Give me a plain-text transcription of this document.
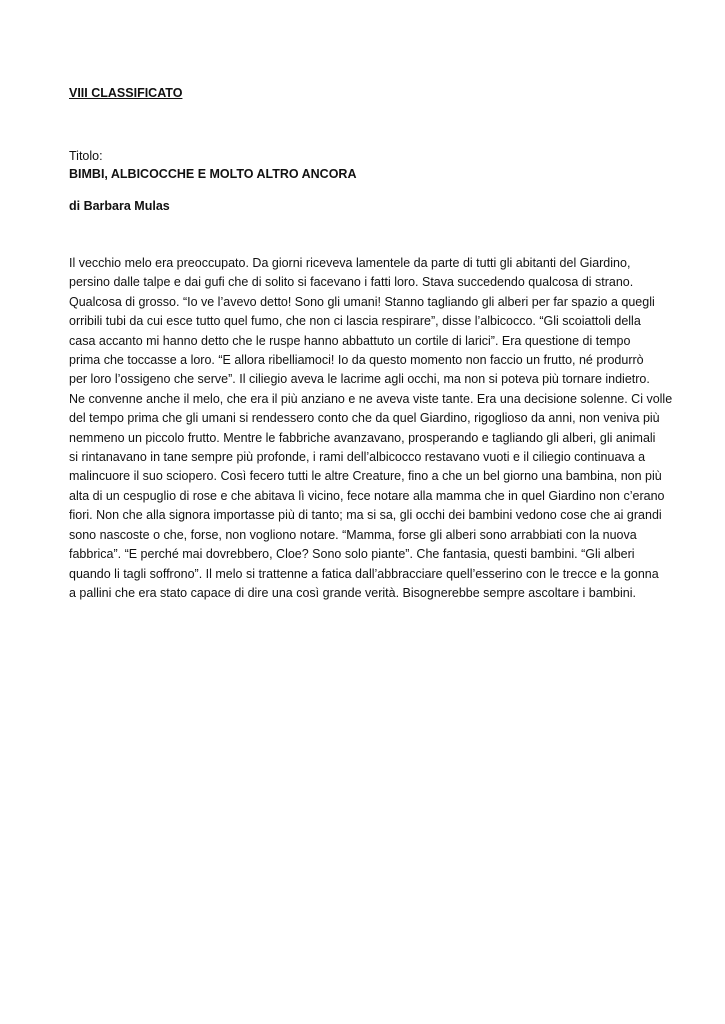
VIII CLASSIFICATO
Titolo:
BIMBI, ALBICOCCHE E MOLTO ALTRO ANCORA
di Barbara Mulas
Il vecchio melo era preoccupato. Da giorni riceveva lamentele da parte di tutti gli abitanti del Giardino,
persino dalle talpe e dai gufi che di solito si facevano i fatti loro. Stava succedendo qualcosa di strano.
Qualcosa di grosso. “Io ve l’avevo detto! Sono gli umani! Stanno tagliando gli alberi per far spazio a quegli
orribili tubi da cui esce tutto quel fumo, che non ci lascia respirare”, disse l’albicocco. “Gli scoiattoli della
casa accanto mi hanno detto che le ruspe hanno abbattuto un cortile di larici”. Era questione di tempo
prima che toccasse a loro. “E allora ribelliamoci! Io da questo momento non faccio un frutto, né produrrò
per loro l’ossigeno che serve”. Il ciliegio aveva le lacrime agli occhi, ma non si poteva più tornare indietro.
Ne convenne anche il melo, che era il più anziano e ne aveva viste tante. Era una decisione solenne. Ci volle
del tempo prima che gli umani si rendessero conto che da quel Giardino, rigoglioso da anni, non veniva più
nemmeno un piccolo frutto. Mentre le fabbriche avanzavano, prosperando e tagliando gli alberi, gli animali
si rintanavano in tane sempre più profonde, i rami dell’albicocco restavano vuoti e il ciliegio continuava a
malincuore il suo sciopero. Così fecero tutti le altre Creature, fino a che un bel giorno una bambina, non più
alta di un cespuglio di rose e che abitava lì vicino, fece notare alla mamma che in quel Giardino non c’erano
fiori. Non che alla signora importasse più di tanto; ma si sa, gli occhi dei bambini vedono cose che ai grandi
sono nascoste o che, forse, non vogliono notare. “Mamma, forse gli alberi sono arrabbiati con la nuova
fabbrica”. “E perché mai dovrebbero, Cloe? Sono solo piante”. Che fantasia, questi bambini. “Gli alberi
quando li tagli soffrono”. Il melo si trattenne a fatica dall’abbracciare quell’esserino con le trecce e la gonna
a pallini che era stato capace di dire una così grande verità. Bisognerebbe sempre ascoltare i bambini.
